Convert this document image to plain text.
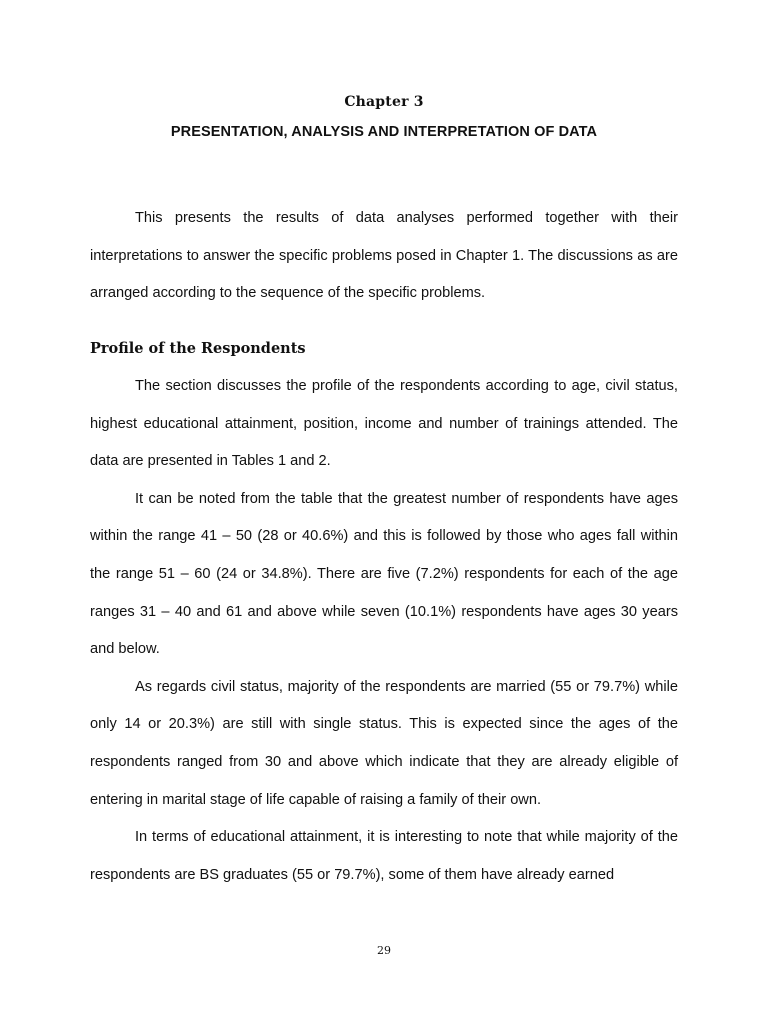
Chapter 3
PRESENTATION, ANALYSIS AND INTERPRETATION OF DATA

This presents the results of data analyses performed together with their interpretations to answer the specific problems posed in Chapter 1. The discussions as are arranged according to the sequence of the specific problems.

Profile of the Respondents

The section discusses the profile of the respondents according to age, civil status, highest educational attainment, position, income and number of trainings attended. The data are presented in Tables 1 and 2.

It can be noted from the table that the greatest number of respondents have ages within the range 41 – 50 (28 or 40.6%) and this is followed by those who ages fall within the range 51 – 60 (24 or 34.8%). There are five (7.2%) respondents for each of the age ranges 31 – 40 and 61 and above while seven (10.1%) respondents have ages 30 years and below.

As regards civil status, majority of the respondents are married (55 or 79.7%) while only 14 or 20.3%) are still with single status. This is expected since the ages of the respondents ranged from 30 and above which indicate that they are already eligible of entering in marital stage of life capable of raising a family of their own.

In terms of educational attainment, it is interesting to note that while majority of the respondents are BS graduates (55 or 79.7%), some of them have already earned

29
